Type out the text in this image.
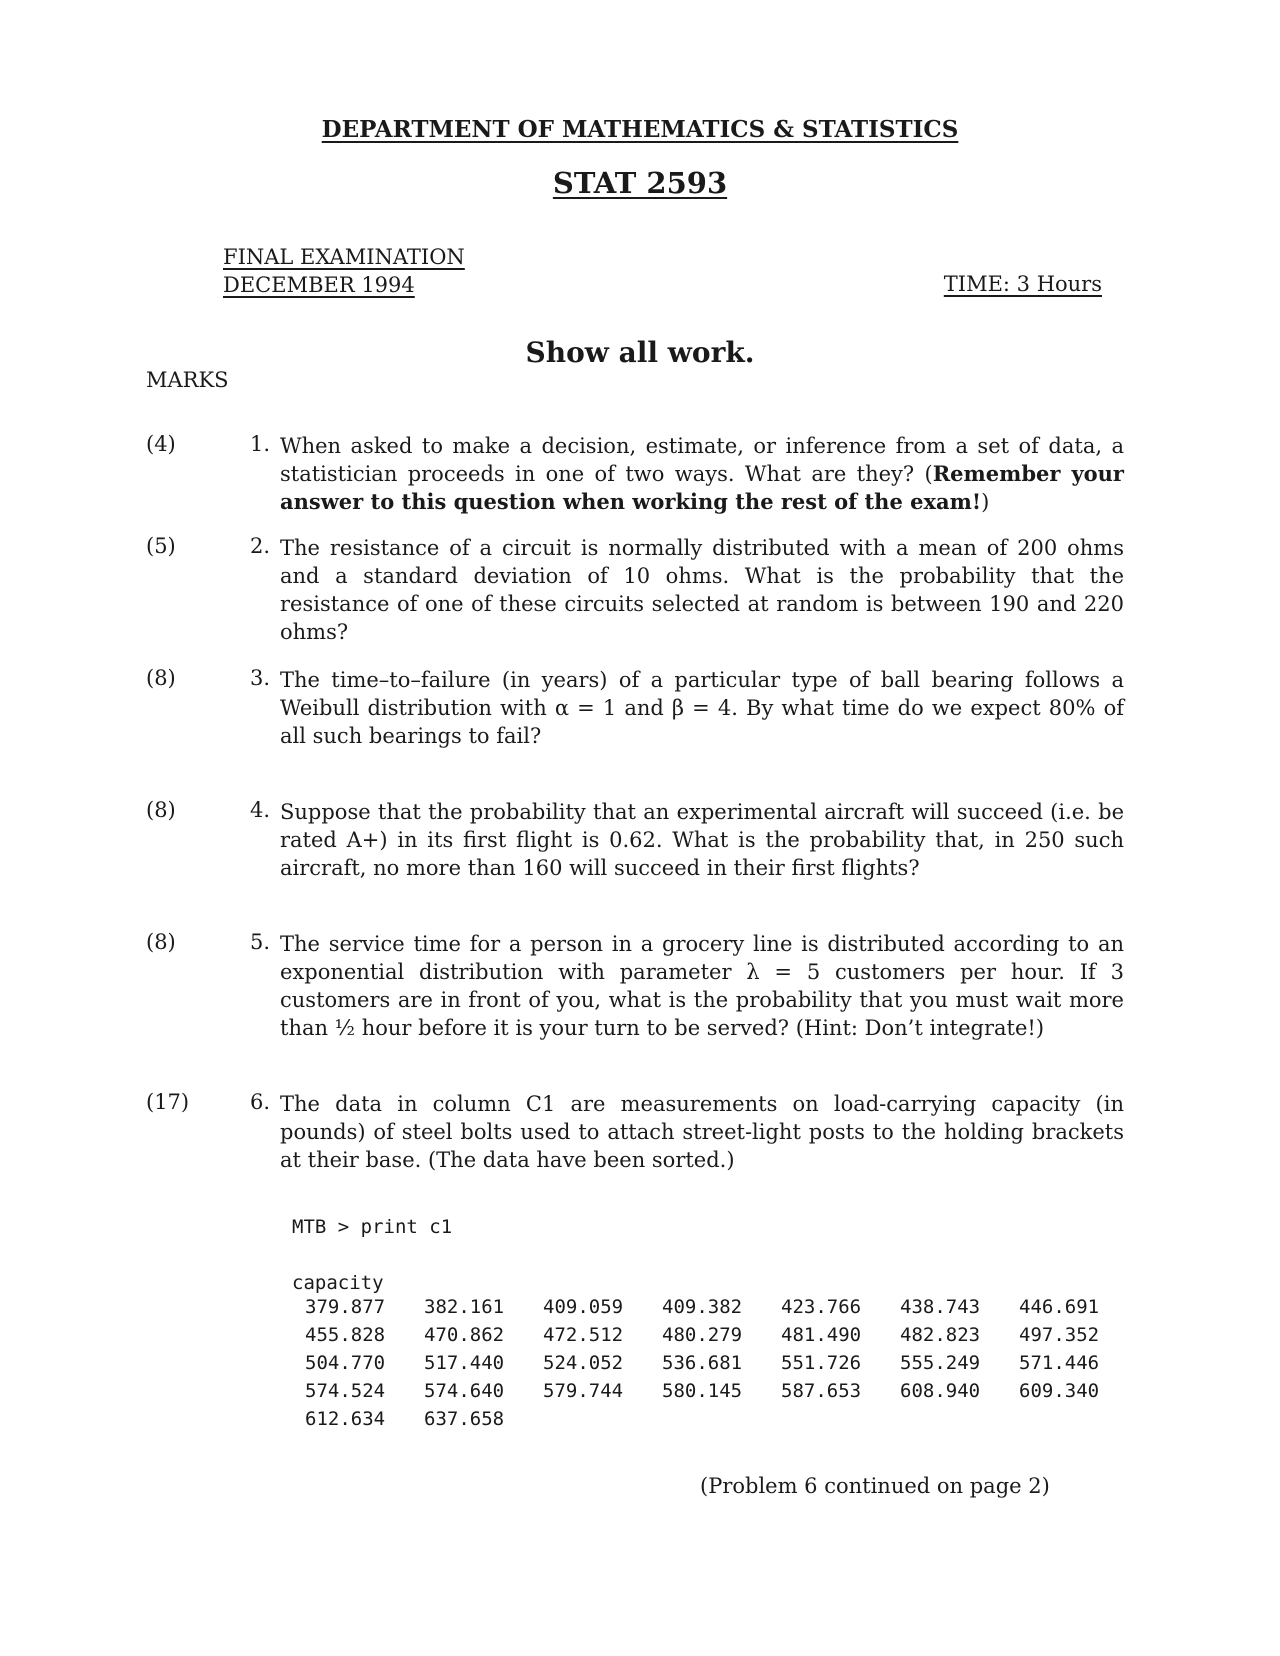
DEPARTMENT OF MATHEMATICS & STATISTICS
STAT 2593
FINAL EXAMINATION
DECEMBER 1994	TIME: 3 Hours
Show all work.
MARKS
(4)	1. When asked to make a decision, estimate, or inference from a set of data, a statistician proceeds in one of two ways. What are they? (Remember your answer to this question when working the rest of the exam!)
(5)	2. The resistance of a circuit is normally distributed with a mean of 200 ohms and a standard deviation of 10 ohms. What is the probability that the resistance of one of these circuits selected at random is between 190 and 220 ohms?
(8)	3. The time–to–failure (in years) of a particular type of ball bearing follows a Weibull distribution with α = 1 and β = 4. By what time do we expect 80% of all such bearings to fail?
(8)	4. Suppose that the probability that an experimental aircraft will succeed (i.e. be rated A+) in its first flight is 0.62. What is the probability that, in 250 such aircraft, no more than 160 will succeed in their first flights?
(8)	5. The service time for a person in a grocery line is distributed according to an exponential distribution with parameter λ = 5 customers per hour. If 3 customers are in front of you, what is the probability that you must wait more than ½ hour before it is your turn to be served? (Hint: Don’t integrate!)
(17)	6. The data in column C1 are measurements on load-carrying capacity (in pounds) of steel bolts used to attach street-light posts to the holding brackets at their base. (The data have been sorted.)
MTB > print c1
capacity
379.877	382.161	409.059	409.382	423.766	438.743	446.691
455.828	470.862	472.512	480.279	481.490	482.823	497.352
504.770	517.440	524.052	536.681	551.726	555.249	571.446
574.524	574.640	579.744	580.145	587.653	608.940	609.340
612.634	637.658					
(Problem 6 continued on page 2)
